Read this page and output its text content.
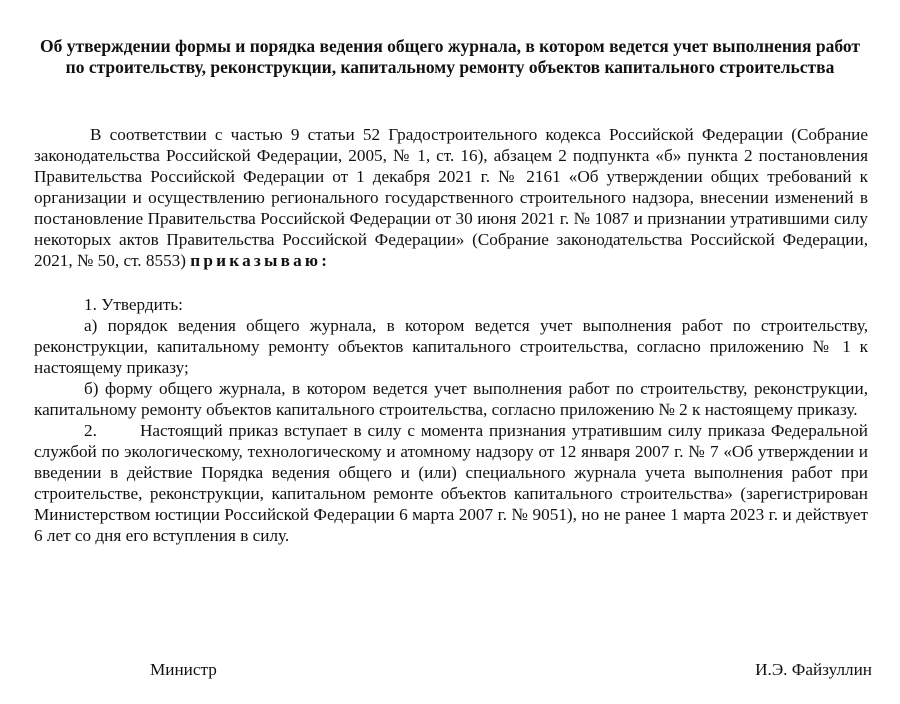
Об утверждении формы и порядка ведения общего журнала, в котором ведется учет выполнения работ по строительству, реконструкции, капитальному ремонту объектов капитального строительства

В соответствии с частью 9 статьи 52 Градостроительного кодекса Российской Федерации (Собрание законодательства Российской Федерации, 2005, № 1, ст. 16), абзацем 2 подпункта «б» пункта 2 постановления Правительства Российской Федерации от 1 декабря 2021 г. № 2161 «Об утверждении общих требований к организации и осуществлению регионального государственного строительного надзора, внесении изменений в постановление Правительства Российской Федерации от 30 июня 2021 г. № 1087 и признании утратившими силу некоторых актов Правительства Российской Федерации» (Собрание законодательства Российской Федерации, 2021, № 50, ст. 8553) приказываю:

1. Утвердить:

а) порядок ведения общего журнала, в котором ведется учет выполнения работ по строительству, реконструкции, капитальному ремонту объектов капитального строительства, согласно приложению № 1 к настоящему приказу;

б) форму общего журнала, в котором ведется учет выполнения работ по строительству, реконструкции, капитальному ремонту объектов капитального строительства, согласно приложению № 2 к настоящему приказу.

2.	Настоящий приказ вступает в силу с момента признания утратившим силу приказа Федеральной службой по экологическому, технологическому и атомному надзору от 12 января 2007 г. № 7 «Об утверждении и введении в действие Порядка ведения общего и (или) специального журнала учета выполнения работ при строительстве, реконструкции, капитальном ремонте объектов капитального строительства» (зарегистрирован Министерством юстиции Российской Федерации 6 марта 2007 г. № 9051), но не ранее 1 марта 2023 г. и действует 6 лет со дня его вступления в силу.

Министр	И.Э. Файзуллин
